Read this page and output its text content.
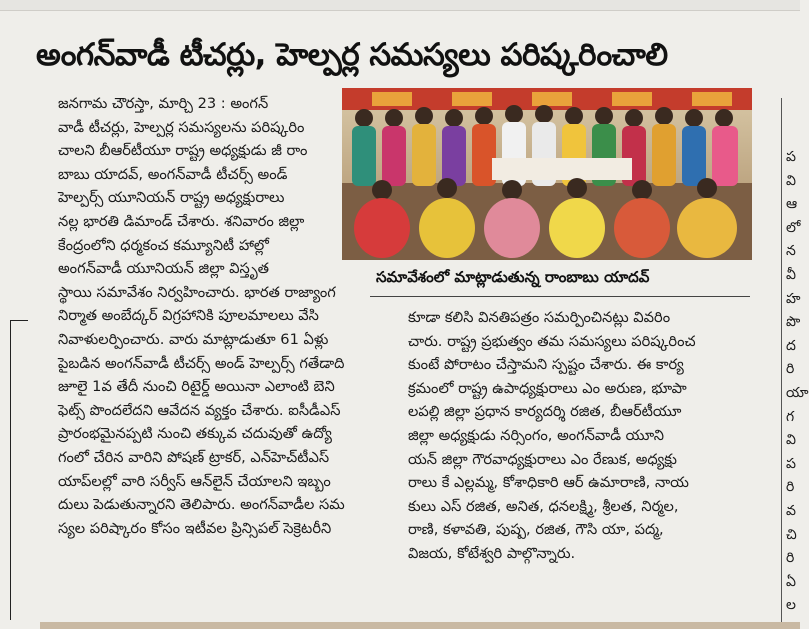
అంగన్‌వాడీ టీచర్లు, హెల్పర్ల సమస్యలు పరిష్కరించాలి
జనగామ చౌరస్తా, మార్చి 23 : అంగన్
వాడీ టీచర్లు, హెల్పర్ల సమస్యలను పరిష్కరిం
చాలని బీఆర్‌టీయూ రాష్ట్ర అధ్యక్షుడు జీ రాం
బాబు యాదవ్, అంగన్‌వాడీ టీచర్స్ అండ్
హెల్పర్స్ యూనియన్ రాష్ట్ర అధ్యక్షురాలు
నల్ల భారతి డిమాండ్ చేశారు. శనివారం జిల్లా
కేంద్రంలోని ధర్మకంచ కమ్యూనిటీ హాల్లో
అంగన్‌వాడీ యూనియన్ జిల్లా విస్తృత
స్థాయి సమావేశం నిర్వహించారు. భారత రాజ్యాంగ
నిర్మాత అంబేద్కర్ విగ్రహానికి పూలమాలలు వేసి
నివాళులర్పించారు. వారు మాట్లాడుతూ 61 ఏళ్లు
పైబడిన అంగన్‌వాడీ టీచర్స్ అండ్ హెల్పర్స్ గతేడాది
జూలై 1వ తేదీ నుంచి రిటైర్డ్ అయినా ఎలాంటి బెని
ఫెట్స్ పొందలేదని ఆవేదన వ్యక్తం చేశారు. ఐసీడీఎస్
ప్రారంభమైనప్పటి నుంచి తక్కువ చదువుతో ఉద్యో
గంలో చేరిన వారిని పోషణ్ ట్రాకర్, ఎన్‌హెచ్‌టీఎస్
యాప్‌లల్లో వారి సర్వీస్ ఆన్‌లైన్ చేయాలని ఇబ్బం
దులు పెడుతున్నారని తెలిపారు. అంగన్‌వాడీల సమ
స్యల పరిష్కారం కోసం ఇటీవల ప్రిన్సిపల్ సెక్రెటరీని
సమావేశంలో మాట్లాడుతున్న రాంబాబు యాదవ్
కూడా కలిసి వినతిపత్రం సమర్పించినట్లు వివరిం
చారు. రాష్ట్ర ప్రభుత్వం తమ సమస్యలు పరిష్కరించ
కుంటే పోరాటం చేస్తామని స్పష్టం చేశారు. ఈ కార్య
క్రమంలో రాష్ట్ర ఉపాధ్యక్షురాలు ఎం అరుణ, భూపా
లపల్లి జిల్లా ప్రధాన కార్యదర్శి రజిత, బీఆర్‌టీయూ
జిల్లా అధ్యక్షుడు నర్సింగం, అంగన్‌వాడీ యూని
యన్ జిల్లా గౌరవాధ్యక్షురాలు ఎం రేణుక, అధ్యక్షు
రాలు కే ఎల్లమ్మ, కోశాధికారి ఆర్ ఉమారాణి, నాయ
కులు ఎస్ రజిత, అనిత, ధనలక్ష్మి, శ్రీలత, నిర్మల,
రాణి, కళావతి, పుష్ప, రజిత, గౌసి యా, పద్మ,
విజయ, కోటేశ్వరి పాల్గొన్నారు.
ప
వి
ఆ
లో
న
వీ
హ
పొ
ద
రి
యా
గ
వి
ప
రి
వ
చి
రి
ఏ
ల
